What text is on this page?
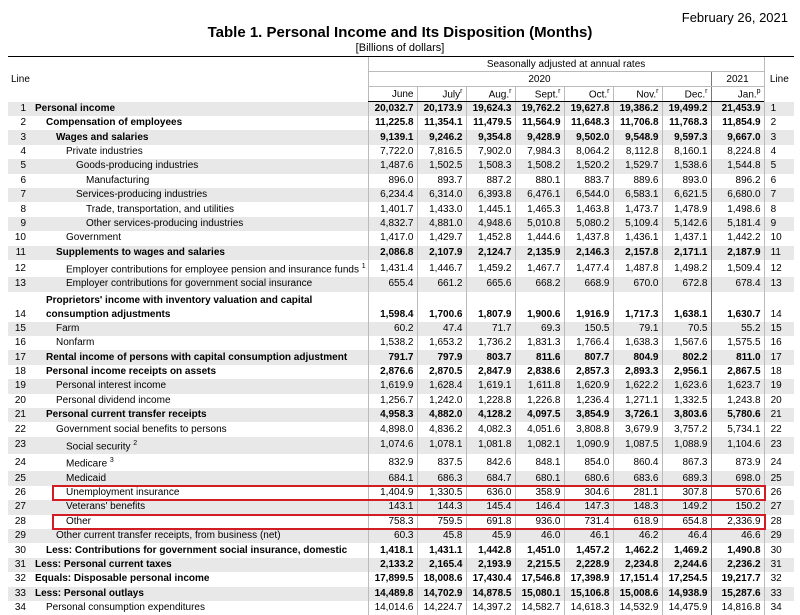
February 26, 2021
Table 1. Personal Income and Its Disposition (Months)
[Billions of dollars]
Line		Seasonally adjusted at annual rates								Line
		2020							2021	
		June	July$^r$	Aug.$^r$	Sept.$^r$	Oct.$^r$	Nov.$^r$	Dec.$^r$	Jan.$^p$
1	Personal income	20,032.7	20,173.9	19,624.3	19,762.2	19,627.8	19,386.2	19,499.2	21,453.9	1
2	Compensation of employees	11,225.8	11,354.1	11,479.5	11,564.9	11,648.3	11,706.8	11,768.3	11,854.9	2
3	Wages and salaries	9,139.1	9,246.2	9,354.8	9,428.9	9,502.0	9,548.9	9,597.3	9,667.0	3
4	Private industries	7,722.0	7,816.5	7,902.0	7,984.3	8,064.2	8,112.8	8,160.1	8,224.8	4
5	Goods-producing industries	1,487.6	1,502.5	1,508.3	1,508.2	1,520.2	1,529.7	1,538.6	1,544.8	5
6	Manufacturing	896.0	893.7	887.2	880.1	883.7	889.6	893.0	896.2	6
7	Services-producing industries	6,234.4	6,314.0	6,393.8	6,476.1	6,544.0	6,583.1	6,621.5	6,680.0	7
8	Trade, transportation, and utilities	1,401.7	1,433.0	1,445.1	1,465.3	1,463.8	1,473.7	1,478.9	1,498.6	8
9	Other services-producing industries	4,832.7	4,881.0	4,948.6	5,010.8	5,080.2	5,109.4	5,142.6	5,181.4	9
10	Government	1,417.0	1,429.7	1,452.8	1,444.6	1,437.8	1,436.1	1,437.1	1,442.2	10
11	Supplements to wages and salaries	2,086.8	2,107.9	2,124.7	2,135.9	2,146.3	2,157.8	2,171.1	2,187.9	11
12	Employer contributions for employee pension and insurance funds $^1$	1,431.4	1,446.7	1,459.2	1,467.7	1,477.4	1,487.8	1,498.2	1,509.4	12
13	Employer contributions for government social insurance	655.4	661.2	665.6	668.2	668.9	670.0	672.8	678.4	13
14	Proprietors' income with inventory valuation and capital
consumption adjustments	1,598.4	1,700.6	1,807.9	1,900.6	1,916.9	1,717.3	1,638.1	1,630.7	14
15	Farm	60.2	47.4	71.7	69.3	150.5	79.1	70.5	55.2	15
16	Nonfarm	1,538.2	1,653.2	1,736.2	1,831.3	1,766.4	1,638.3	1,567.6	1,575.5	16
17	Rental income of persons with capital consumption adjustment	791.7	797.9	803.7	811.6	807.7	804.9	802.2	811.0	17
18	Personal income receipts on assets	2,876.6	2,870.5	2,847.9	2,838.6	2,857.3	2,893.3	2,956.1	2,867.5	18
19	Personal interest income	1,619.9	1,628.4	1,619.1	1,611.8	1,620.9	1,622.2	1,623.6	1,623.7	19
20	Personal dividend income	1,256.7	1,242.0	1,228.8	1,226.8	1,236.4	1,271.1	1,332.5	1,243.8	20
21	Personal current transfer receipts	4,958.3	4,882.0	4,128.2	4,097.5	3,854.9	3,726.1	3,803.6	5,780.6	21
22	Government social benefits to persons	4,898.0	4,836.2	4,082.3	4,051.6	3,808.8	3,679.9	3,757.2	5,734.1	22
23	Social security $^2$	1,074.6	1,078.1	1,081.8	1,082.1	1,090.9	1,087.5	1,088.9	1,104.6	23
24	Medicare $^3$	832.9	837.5	842.6	848.1	854.0	860.4	867.3	873.9	24
25	Medicaid	684.1	686.3	684.7	680.1	680.6	683.6	689.3	698.0	25
26	Unemployment insurance	1,404.9	1,330.5	636.0	358.9	304.6	281.1	307.8	570.6	26
27	Veterans' benefits	143.1	144.3	145.4	146.4	147.3	148.3	149.2	150.2	27
28	Other	758.3	759.5	691.8	936.0	731.4	618.9	654.8	2,336.9	28
29	Other current transfer receipts, from business (net)	60.3	45.8	45.9	46.0	46.1	46.2	46.4	46.6	29
30	Less: Contributions for government social insurance, domestic	1,418.1	1,431.1	1,442.8	1,451.0	1,457.2	1,462.2	1,469.2	1,490.8	30
31	Less: Personal current taxes	2,133.2	2,165.4	2,193.9	2,215.5	2,228.9	2,234.8	2,244.6	2,236.2	31
32	Equals: Disposable personal income	17,899.5	18,008.6	17,430.4	17,546.8	17,398.9	17,151.4	17,254.5	19,217.7	32
33	Less: Personal outlays	14,489.8	14,702.9	14,878.5	15,080.1	15,106.8	15,008.6	14,938.9	15,287.6	33
34	Personal consumption expenditures	14,014.6	14,224.7	14,397.2	14,582.7	14,618.3	14,532.9	14,475.9	14,816.8	34
